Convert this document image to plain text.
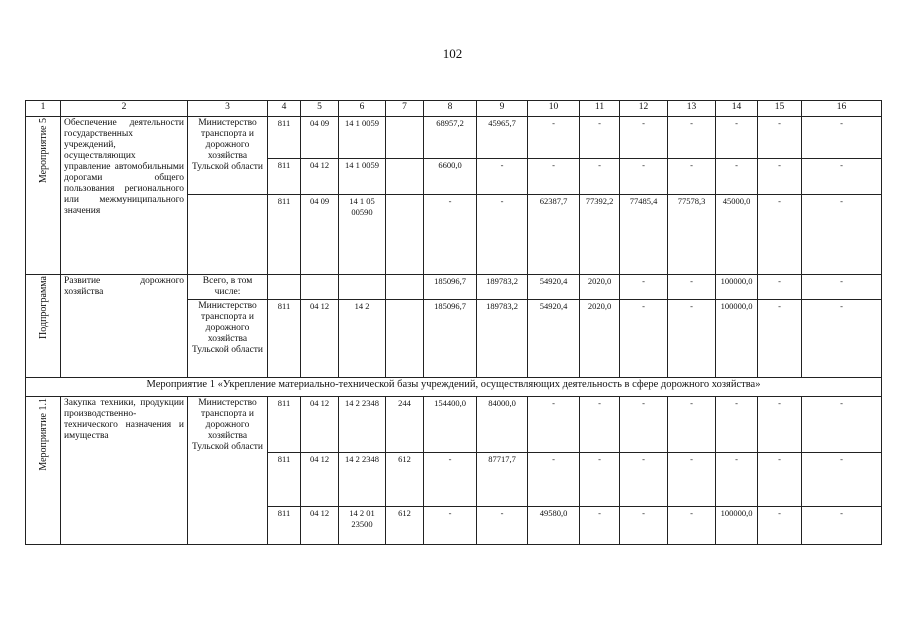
102
1	2	3	4	5	6	7	8	9	10	11	12	13	14	15	16
Мероприятие 5	Обеспечение деятельности государственных учреждений, осуществляющих управление автомобильными дорогами общего пользования регионального или межмуниципального значения	Министерство транспорта и дорожного хозяйства Тульской области	811	04 09	14 1 0059		68957,2	45965,7	-	-	-	-	-	-	-
			811	04 12	14 1 0059		6600,0	-	-	-	-	-	-	-	-
			811	04 09	14 1 05 00590		-	-	62387,7	77392,2	77485,4	77578,3	45000,0	-	-
Подпрограмма	Развитие дорожного хозяйства	Всего, в том числе:					185096,7	189783,2	54920,4	2020,0	-	-	100000,0	-	-
		Министерство транспорта и дорожного хозяйства Тульской области	811	04 12	14 2		185096,7	189783,2	54920,4	2020,0	-	-	100000,0	-	-
Мероприятие 1 «Укрепление материально-технической базы учреждений, осуществляющих деятельность в сфере дорожного хозяйства»															
Мероприятие 1.1	Закупка техники, продукции производственно-технического назначения и имущества	Министерство транспорта и дорожного хозяйства Тульской области	811	04 12	14 2 2348	244	154400,0	84000,0	-	-	-	-	-	-	-
			811	04 12	14 2 2348	612	-	87717,7	-	-	-	-	-	-	-
			811	04 12	14 2 01 23500	612	-	-	49580,0	-	-	-	100000,0	-	-
